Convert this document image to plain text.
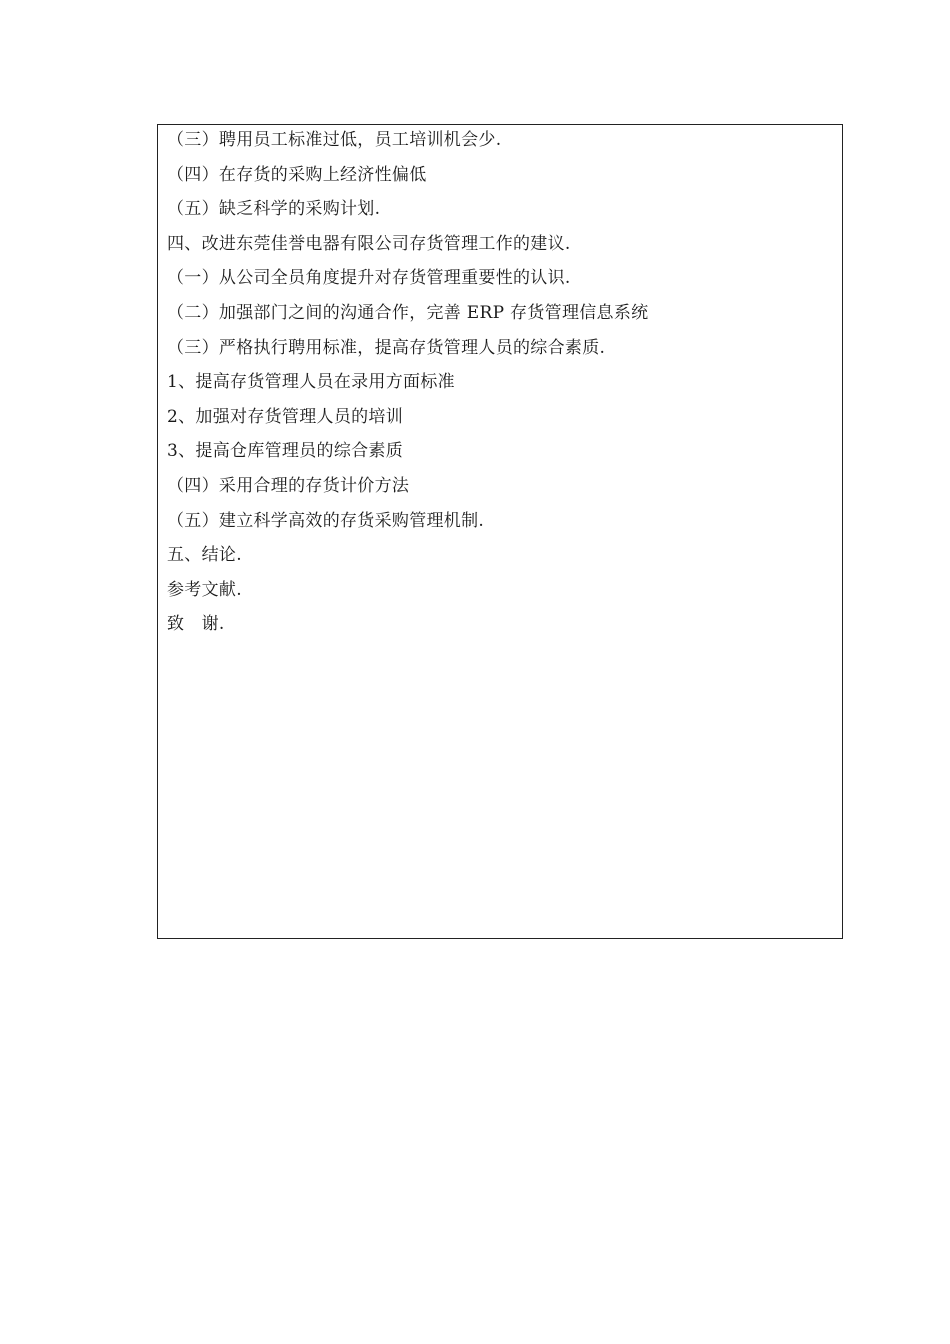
（三）聘用员工标准过低，员工培训机会少.
（四）在存货的采购上经济性偏低
（五）缺乏科学的采购计划.
四、改进东莞佳誉电器有限公司存货管理工作的建议.
（一）从公司全员角度提升对存货管理重要性的认识.
（二）加强部门之间的沟通合作，完善 ERP 存货管理信息系统
（三）严格执行聘用标准，提高存货管理人员的综合素质.
1、提高存货管理人员在录用方面标准
2、加强对存货管理人员的培训
3、提高仓库管理员的综合素质
（四）采用合理的存货计价方法
（五）建立科学高效的存货采购管理机制.
五、结论.
参考文献.
致　谢.
